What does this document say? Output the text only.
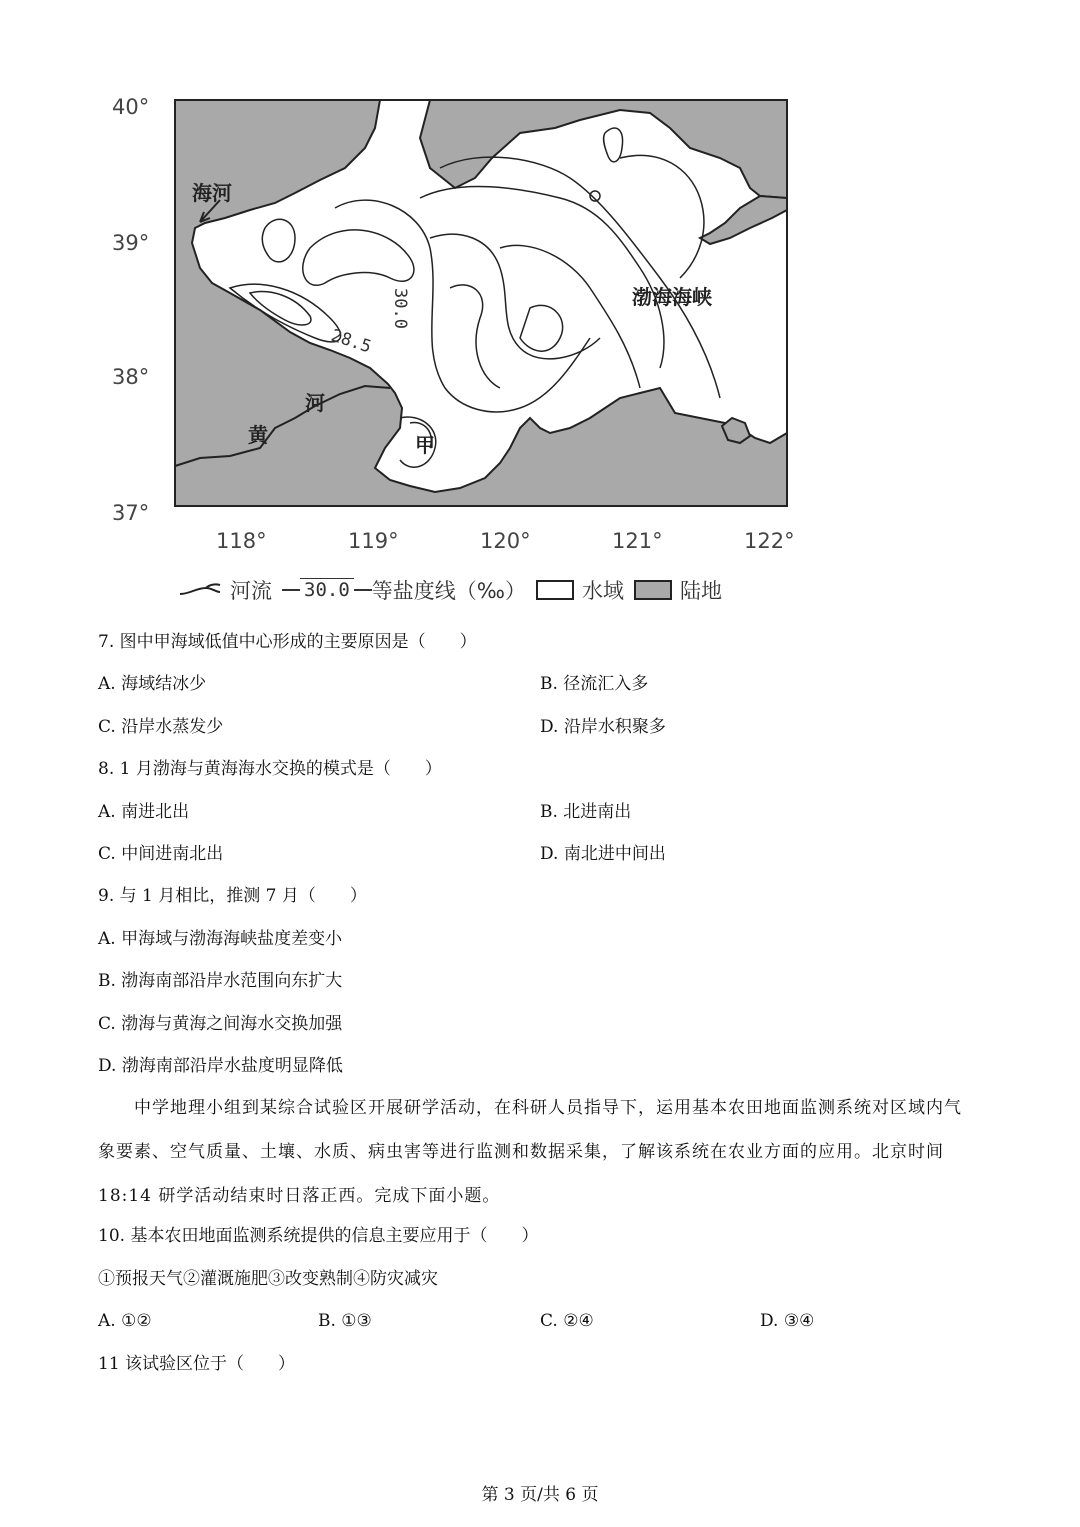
40°
39°
38°
37°
118°	119°	120°	121°	122°
海河
渤海海峡
黄
河
甲
30.0
28.5
河流 30.0 等盐度线（‰）	水域	陆地
7. 图中甲海域低值中心形成的主要原因是（　　）
A. 海域结冰少	B. 径流汇入多
C. 沿岸水蒸发少	D. 沿岸水积聚多
8. 1 月渤海与黄海海水交换的模式是（　　）
A. 南进北出	B. 北进南出
C. 中间进南北出	D. 南北进中间出
9. 与 1 月相比，推测 7 月（　　）
A. 甲海域与渤海海峡盐度差变小
B. 渤海南部沿岸水范围向东扩大
C. 渤海与黄海之间海水交换加强
D. 渤海南部沿岸水盐度明显降低
　　中学地理小组到某综合试验区开展研学活动，在科研人员指导下，运用基本农田地面监测系统对区域内气象要素、空气质量、土壤、水质、病虫害等进行监测和数据采集，了解该系统在农业方面的应用。北京时间 18:14 研学活动结束时日落正西。完成下面小题。
10. 基本农田地面监测系统提供的信息主要应用于（　　）
①预报天气②灌溉施肥③改变熟制④防灾减灾
A. ①②	B. ①③	C. ②④	D. ③④
11 该试验区位于（　　）
第 3 页/共 6 页
